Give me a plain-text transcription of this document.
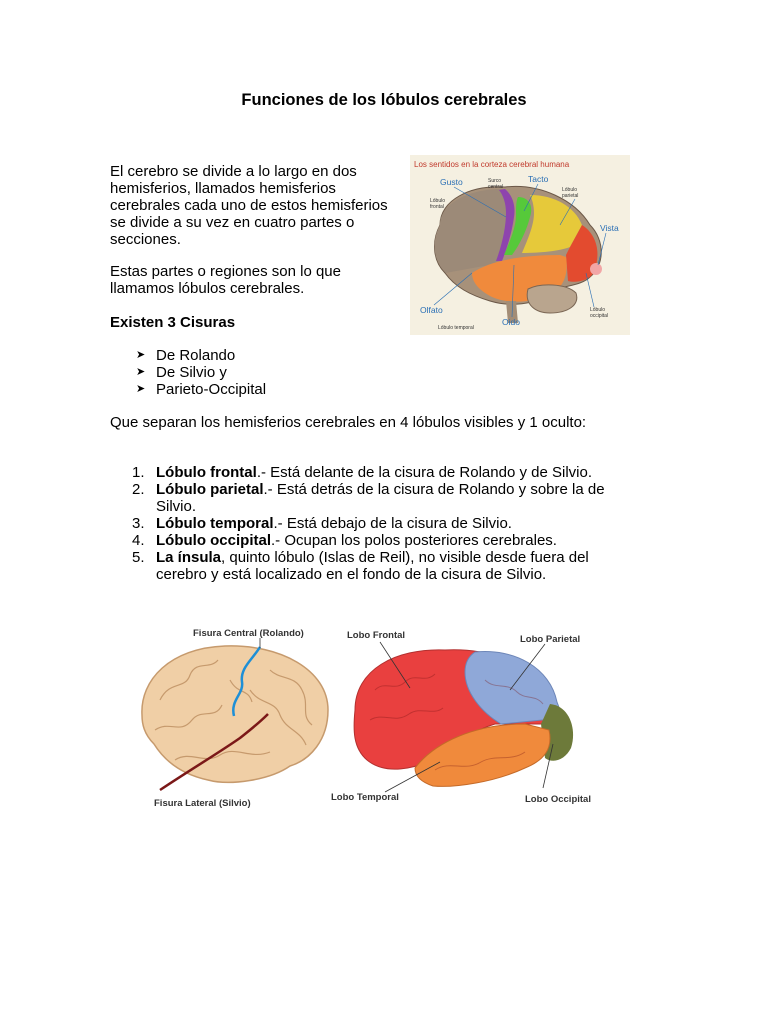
Funciones de los lóbulos cerebrales

El cerebro se divide a lo largo en dos

hemisferios, llamados hemisferios

cerebrales cada uno de estos hemisferios

se divide a su vez en cuatro partes o

secciones.

Estas partes o regiones son lo que

llamamos lóbulos cerebrales.

Existen 3 Cisuras

➤ De Rolando
➤ De Silvio y
➤ Parieto-Occipital

Que separan los hemisferios cerebrales en 4 lóbulos visibles y 1 oculto:

1. Lóbulo frontal.- Está delante de la cisura de Rolando y de Silvio.
2. Lóbulo parietal.- Está detrás de la cisura de Rolando y sobre la de
Silvio.
3. Lóbulo temporal.- Está debajo de la cisura de Silvio.
4. Lóbulo occipital.- Ocupan los polos posteriores cerebrales.
5. La ínsula, quinto lóbulo (Islas de Reil), no visible desde fuera del
cerebro y está localizado en el fondo de la cisura de Silvio.
Los sentidos en la corteza cerebral humana
Gusto	Surco
central
Tacto
Lóbulo
parietal
Lóbulo
frontal
Vista
Olfato
Oido
Lóbulo temporal
Lóbulo
occipital
Fisura Central (Rolando)
Fisura Lateral (Silvio)
Lobo Frontal	Lobo Parietal
Lobo Temporal	Lobo Occipital
